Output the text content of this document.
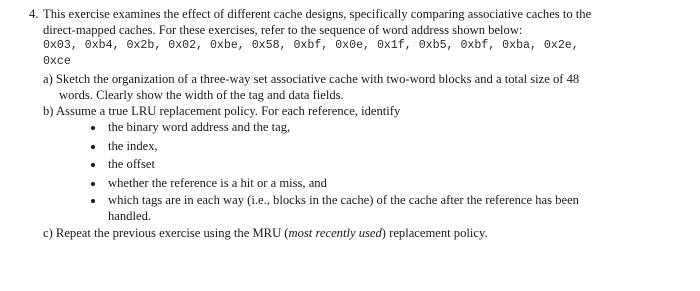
4. This exercise examines the effect of different cache designs, specifically comparing associative caches to the
direct-mapped caches. For these exercises, refer to the sequence of word address shown below:
0x03, 0xb4, 0x2b, 0x02, 0xbe, 0x58, 0xbf, 0x0e, 0x1f, 0xb5, 0xbf, 0xba, 0x2e,
0xce
a) Sketch the organization of a three-way set associative cache with two-word blocks and a total size of 48
words. Clearly show the width of the tag and data fields.
b) Assume a true LRU replacement policy. For each reference, identify
the binary word address and the tag,
the index,
the offset
whether the reference is a hit or a miss, and
which tags are in each way (i.e., blocks in the cache) of the cache after the reference has been
handled.
c) Repeat the previous exercise using the MRU (most recently used) replacement policy.
